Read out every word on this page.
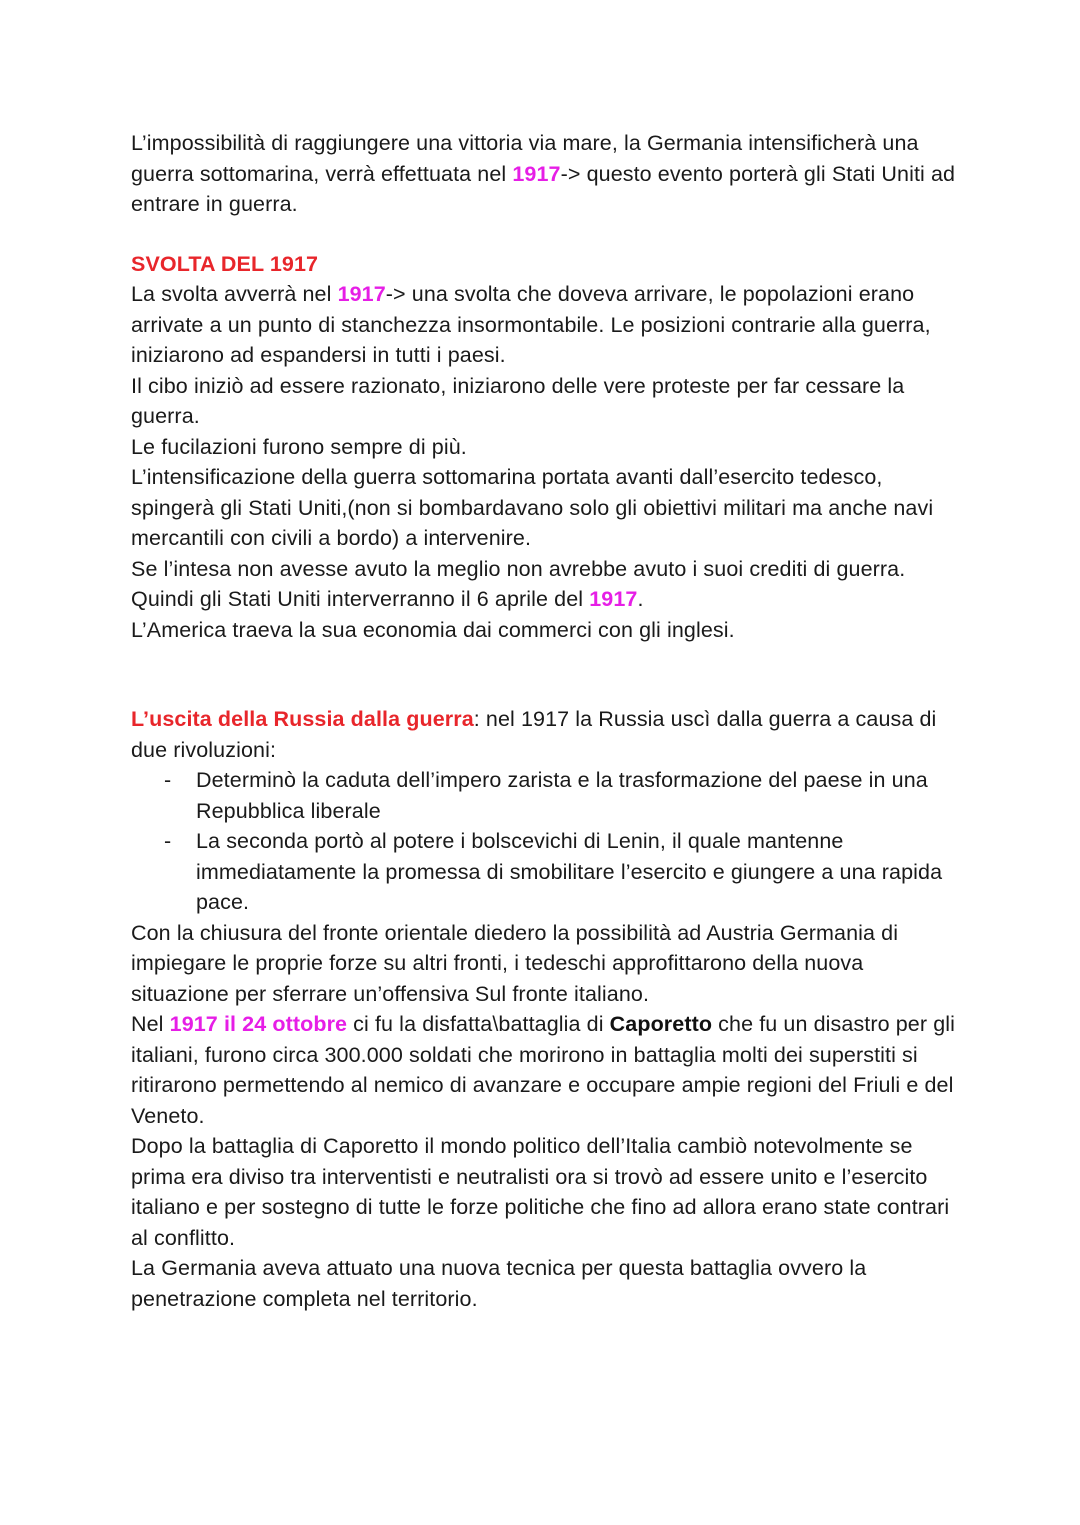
L’impossibilità di raggiungere una vittoria via mare, la Germania intensificherà una guerra sottomarina, verrà effettuata nel 1917-> questo evento porterà gli Stati Uniti ad entrare in guerra.

SVOLTA DEL 1917

La svolta avverrà nel 1917-> una svolta che doveva arrivare, le popolazioni erano arrivate a un punto di stanchezza insormontabile. Le posizioni contrarie alla guerra, iniziarono ad espandersi in tutti i paesi.

Il cibo iniziò ad essere razionato, iniziarono delle vere proteste per far cessare la guerra.

Le fucilazioni furono sempre di più.

L’intensificazione della guerra sottomarina portata avanti dall’esercito tedesco, spingerà gli Stati Uniti,(non si bombardavano solo gli obiettivi militari ma anche navi mercantili con civili a bordo) a intervenire.

Se l’intesa non avesse avuto la meglio non avrebbe avuto i suoi crediti di guerra. Quindi gli Stati Uniti interverranno il 6 aprile del 1917.

L’America traeva la sua economia dai commerci con gli inglesi.

L’uscita della Russia dalla guerra: nel 1917 la Russia uscì dalla guerra a causa di due rivoluzioni:

- Determinò la caduta dell’impero zarista e la trasformazione del paese in una Repubblica liberale
- La seconda portò al potere i bolscevichi di Lenin, il quale mantenne immediatamente la promessa di smobilitare l’esercito e giungere a una rapida pace.

Con la chiusura del fronte orientale diedero la possibilità ad Austria Germania di impiegare le proprie forze su altri fronti, i tedeschi approfittarono della nuova situazione per sferrare un’offensiva Sul fronte italiano.

Nel 1917 il 24 ottobre ci fu la disfatta\battaglia di Caporetto che fu un disastro per gli italiani, furono circa 300.000 soldati che morirono in battaglia molti dei superstiti si ritirarono permettendo al nemico di avanzare e occupare ampie regioni del Friuli e del Veneto.

Dopo la battaglia di Caporetto il mondo politico dell’Italia cambiò notevolmente se prima era diviso tra interventisti e neutralisti ora si trovò ad essere unito e l’esercito italiano e per sostegno di tutte le forze politiche che fino ad allora erano state contrari al conflitto.

La Germania aveva attuato una nuova tecnica per questa battaglia ovvero la penetrazione completa nel territorio.
